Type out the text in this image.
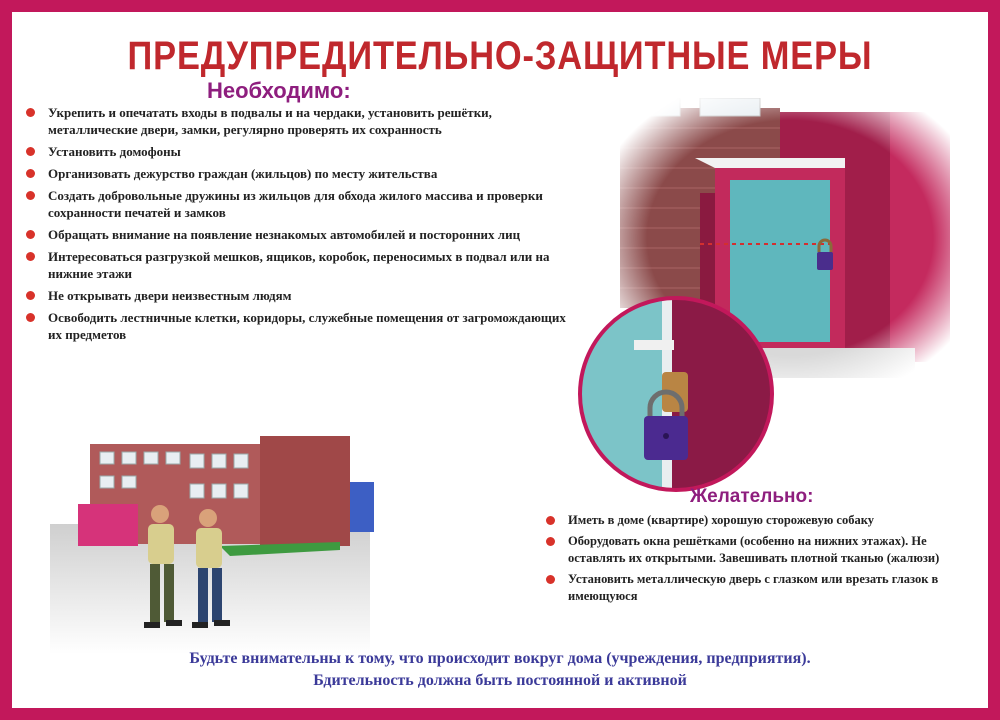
ПРЕДУПРЕДИТЕЛЬНО-ЗАЩИТНЫЕ МЕРЫ
Необходимо:
Укрепить и опечатать входы в подвалы и на чердаки, установить решётки, металлические двери, замки, регулярно проверять их сохранность
Установить домофоны
Организовать дежурство граждан (жильцов) по месту жительства
Создать добровольные дружины из жильцов для обхода жилого массива и проверки сохранности печатей и замков
Обращать внимание на появление незнакомых автомобилей и посторонних лиц
Интересоваться разгрузкой мешков, ящиков, коробок, переносимых в подвал или на нижние этажи
Не открывать двери неизвестным людям
Освободить лестничные клетки, коридоры, служебные помещения от загромождающих их предметов
Желательно:
Иметь в доме (квартире) хорошую сторожевую собаку
Оборудовать окна решётками (особенно на нижних этажах). Не оставлять их открытыми. Завешивать плотной тканью (жалюзи)
Установить металлическую дверь с глазком или врезать глазок в имеющуюся
Будьте внимательны к тому, что происходит вокруг дома (учреждения, предприятия).
Бдительность должна быть постоянной и активной
